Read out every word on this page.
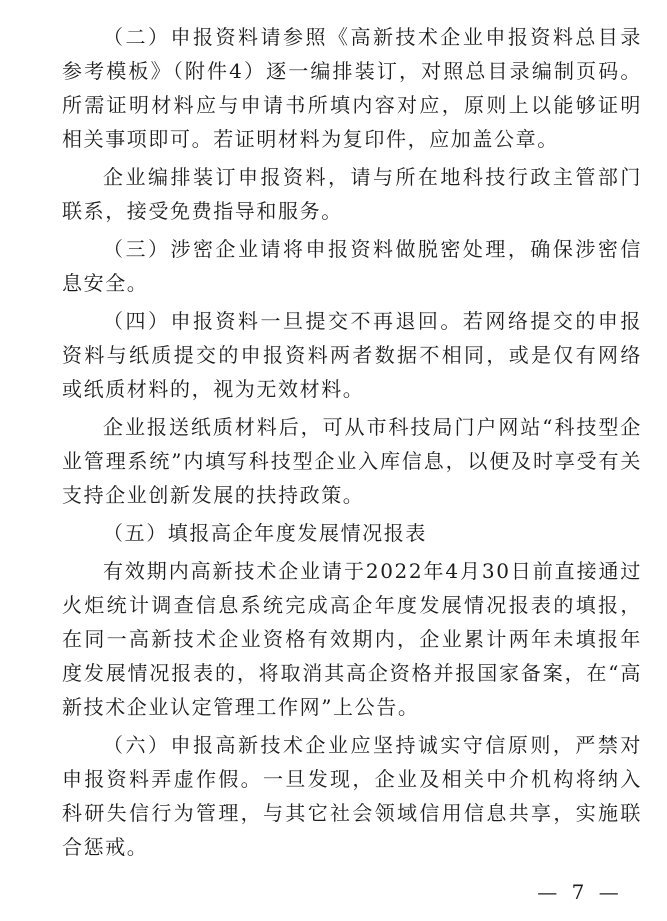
（二）申报资料请参照《高新技术企业申报资料总目录参考模板》（附件4）逐一编排装订，对照总目录编制页码。所需证明材料应与申请书所填内容对应，原则上以能够证明相关事项即可。若证明材料为复印件，应加盖公章。

企业编排装订申报资料，请与所在地科技行政主管部门联系，接受免费指导和服务。

（三）涉密企业请将申报资料做脱密处理，确保涉密信息安全。

（四）申报资料一旦提交不再退回。若网络提交的申报资料与纸质提交的申报资料两者数据不相同，或是仅有网络或纸质材料的，视为无效材料。

企业报送纸质材料后，可从市科技局门户网站“科技型企业管理系统”内填写科技型企业入库信息，以便及时享受有关支持企业创新发展的扶持政策。

（五）填报高企年度发展情况报表

有效期内高新技术企业请于2022年4月30日前直接通过火炬统计调查信息系统完成高企年度发展情况报表的填报，在同一高新技术企业资格有效期内，企业累计两年未填报年度发展情况报表的，将取消其高企资格并报国家备案，在“高新技术企业认定管理工作网”上公告。

（六）申报高新技术企业应坚持诚实守信原则，严禁对申报资料弄虚作假。一旦发现，企业及相关中介机构将纳入科研失信行为管理，与其它社会领域信用信息共享，实施联合惩戒。

— 7 —
